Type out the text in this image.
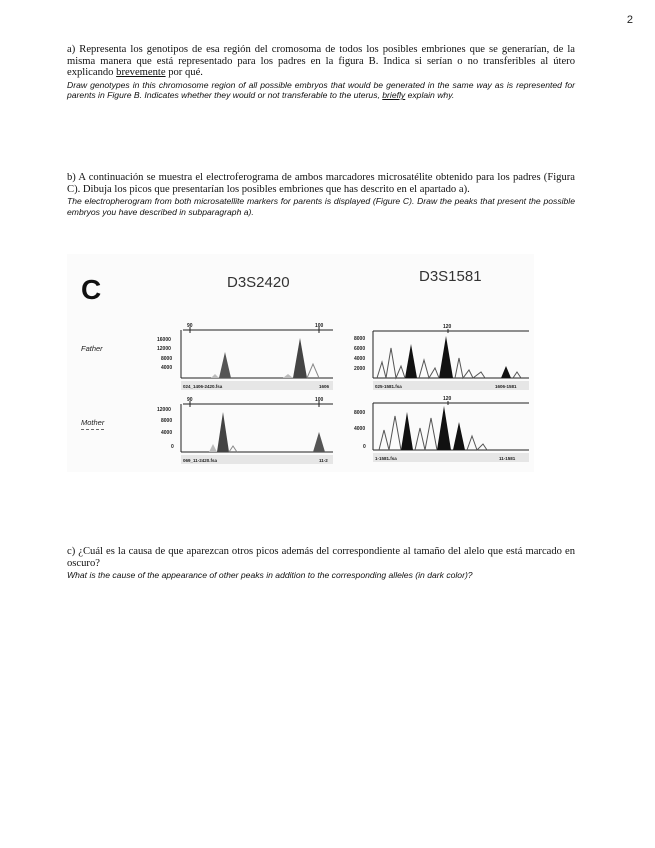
2

a) Representa los genotipos de esa región del cromosoma de todos los posibles embriones que se generarían, de la misma manera que está representado para los padres en la figura B. Indica si serían o no transferibles al útero explicando brevemente por qué.

Draw genotypes in this chromosome region of all possible embryos that would be generated in the same way as is represented for parents in Figure B. Indicates whether they would or not transferable to the uterus, briefly explain why.

b) A continuación se muestra el electroferograma de ambos marcadores microsatélite obtenido para los padres (Figura C). Dibuja los picos que presentarían los posibles embriones que has descrito en el apartado a).

The electropherogram from both microsatellite markers for parents is displayed (Figure C). Draw the peaks that present the possible embryos you have described in subparagraph a).

C	D3S2420	D3S1581
Father
Mother
90	100
16000
12000
8000
4000
024_1406-2420.fsa	1606
90	100
12000
8000
4000
0
069_11-2420.fsa	11-2
120
8000
6000
4000
2000
025-1581.fsa	1606-1581
120
8000
4000
0
1-1581.fsa	11-1581

c) ¿Cuál es la causa de que aparezcan otros picos además del correspondiente al tamaño del alelo que está marcado en oscuro?

What is the cause of the appearance of other peaks in addition to the corresponding alleles (in dark color)?
